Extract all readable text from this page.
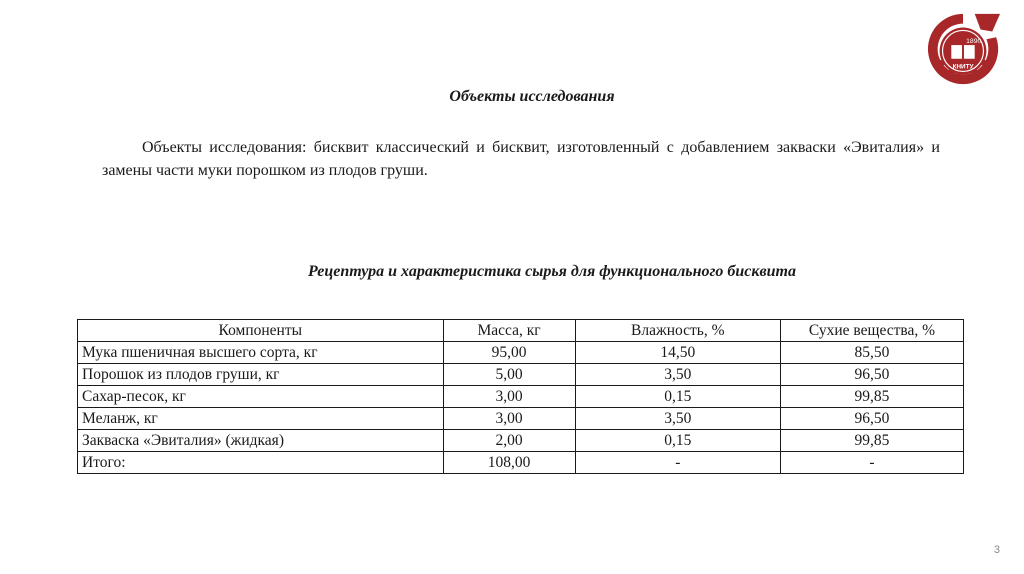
1890
КНИТУ
Объекты исследования
Объекты исследования: бисквит классический и бисквит, изготовленный с добавлением закваски «Эвиталия» и замены части муки порошком из плодов груши.
Рецептура и характеристика сырья для функционального бисквита
Компоненты	Масса, кг	Влажность, %	Сухие вещества, %
Мука пшеничная высшего сорта, кг	95,00	14,50	85,50
Порошок из плодов груши, кг	5,00	3,50	96,50
Сахар-песок, кг	3,00	0,15	99,85
Меланж, кг	3,00	3,50	96,50
Закваска «Эвиталия» (жидкая)	2,00	0,15	99,85
Итого:	108,00	-	-
3
